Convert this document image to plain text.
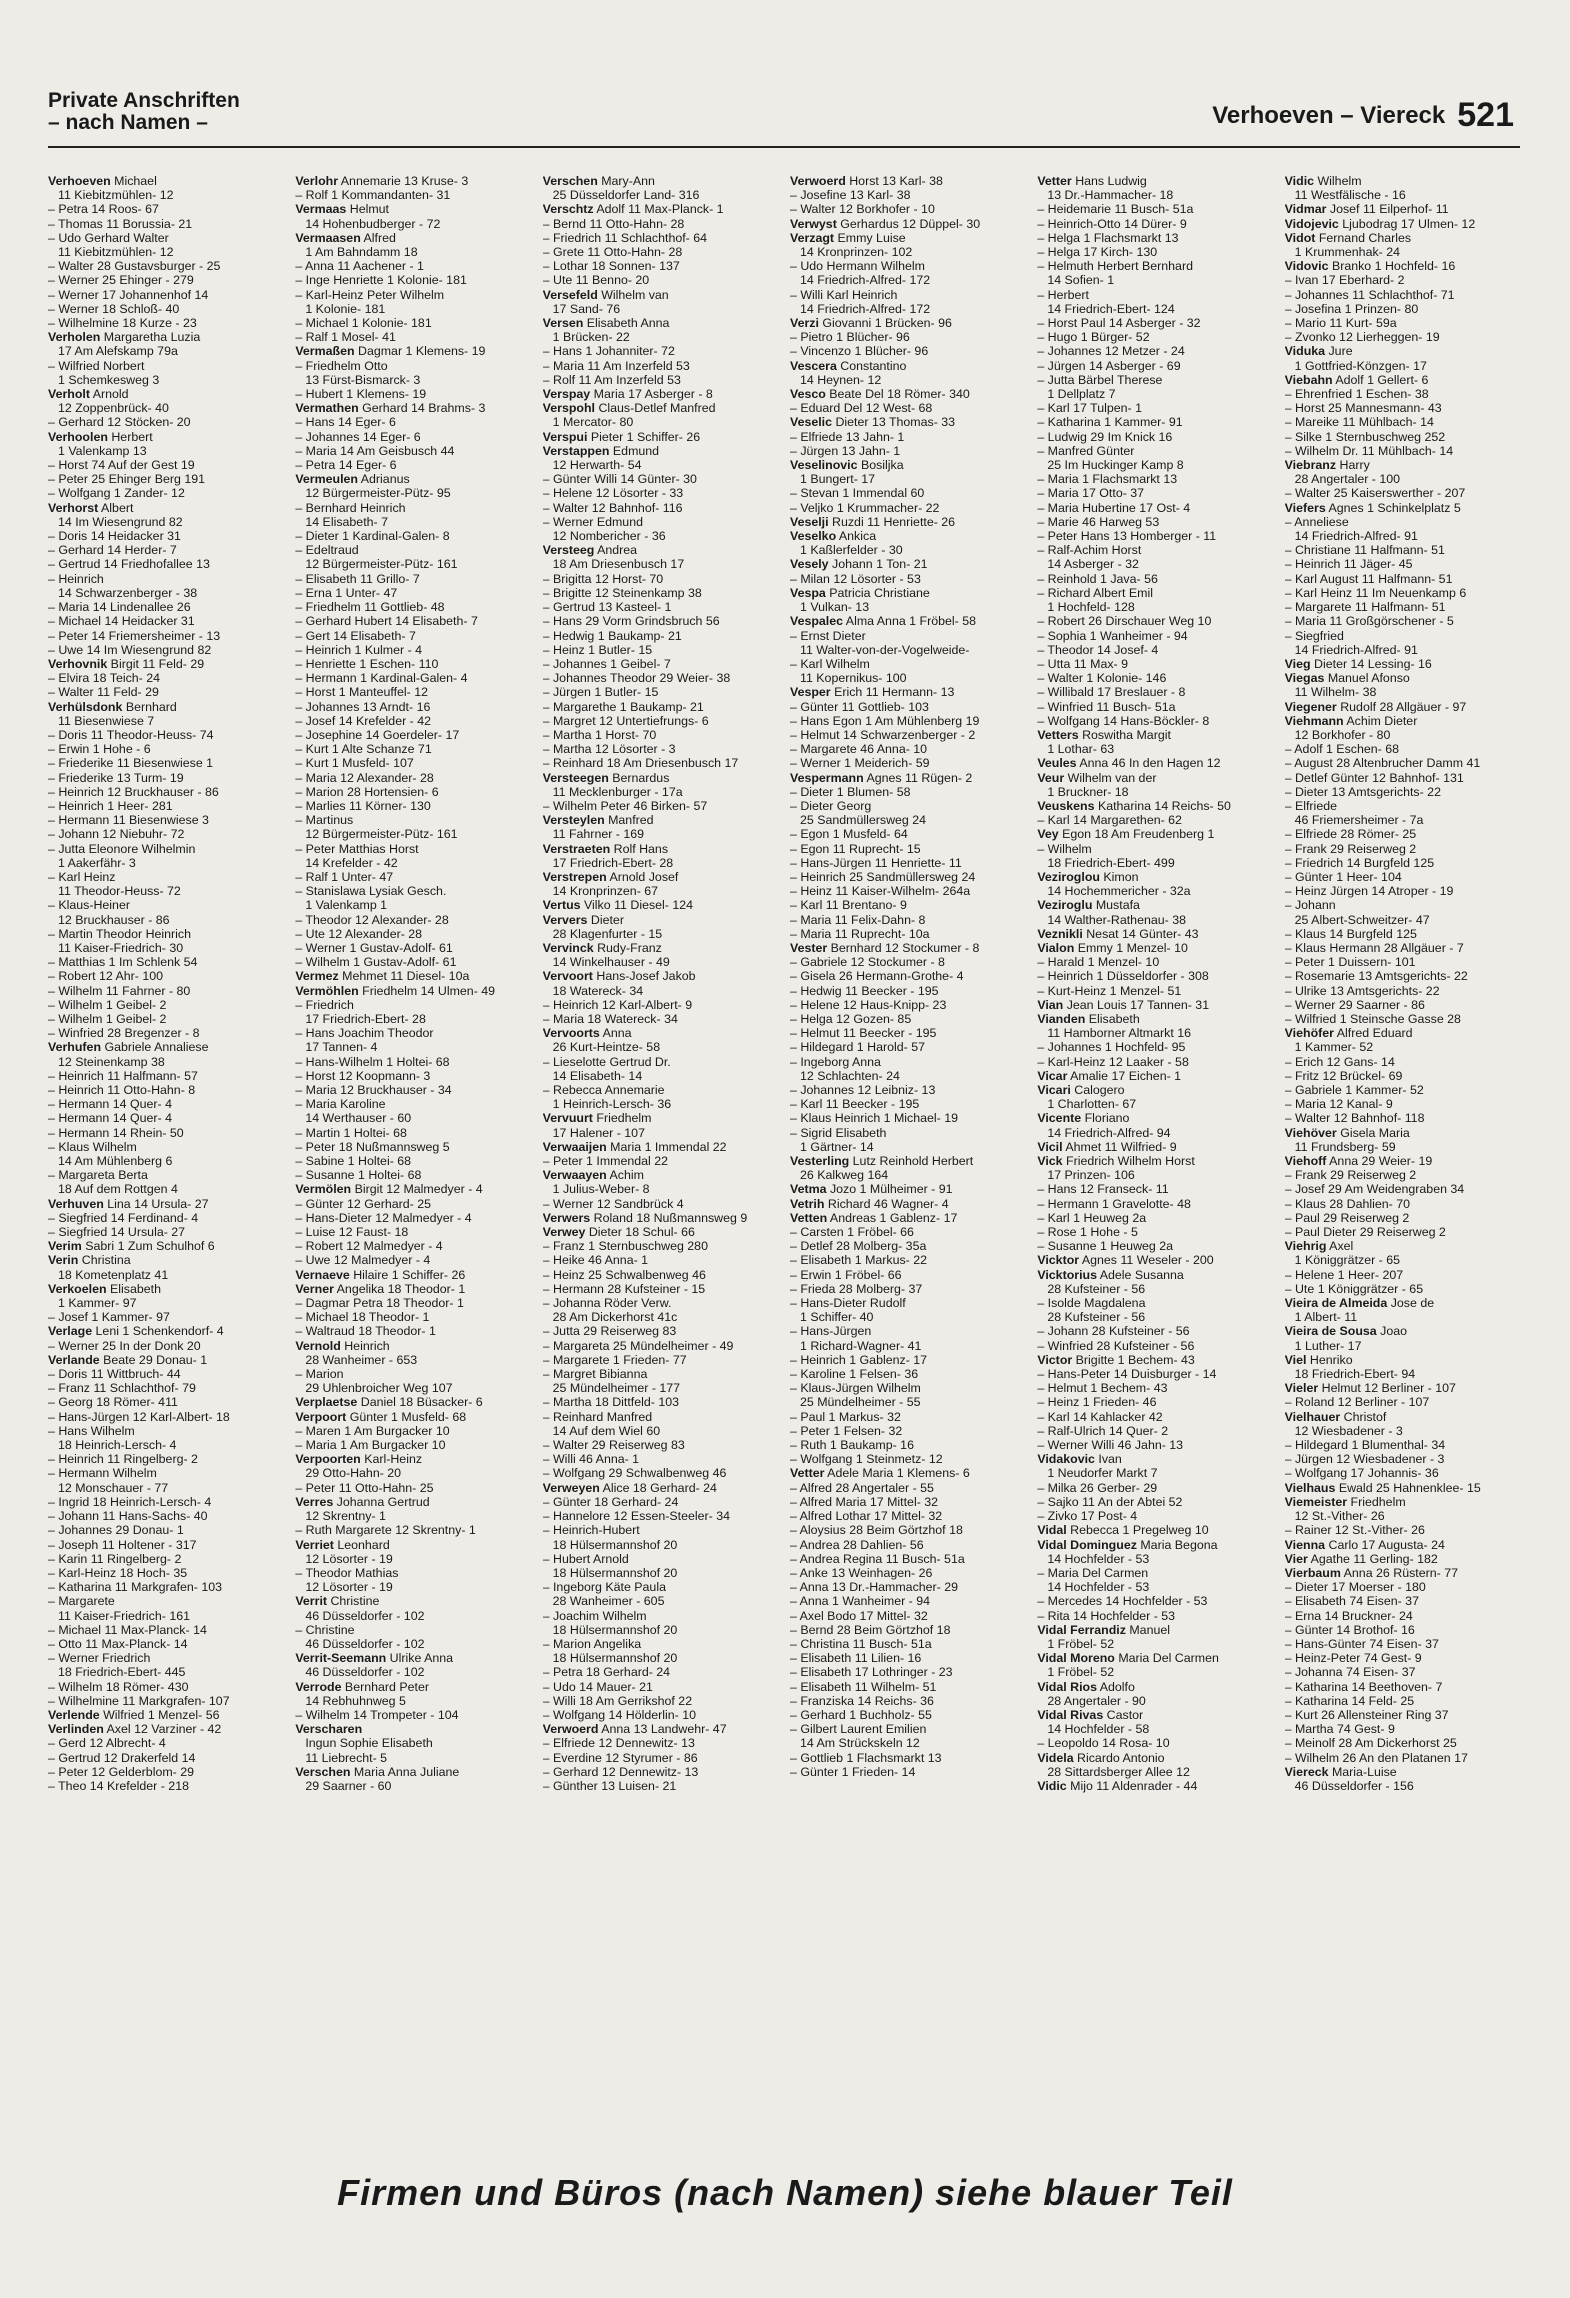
Private Anschriften
– nach Namen –	Verhoeven – Viereck 521
Verhoeven Michael
11 Kiebitzmühlen- 12
– Petra 14 Roos- 67
– Thomas 11 Borussia- 21
– Udo Gerhard Walter
11 Kiebitzmühlen- 12
– Walter 28 Gustavsburger - 25
– Werner 25 Ehinger - 279
– Werner 17 Johannenhof 14
– Werner 18 Schloß- 40
– Wilhelmine 18 Kurze - 23
Verholen Margaretha Luzia
17 Am Alefskamp 79a
– Wilfried Norbert
1 Schemkesweg 3
Verholt Arnold
12 Zoppenbrück- 40
– Gerhard 12 Stöcken- 20
Verhoolen Herbert
1 Valenkamp 13
– Horst 74 Auf der Gest 19
– Peter 25 Ehinger Berg 191
– Wolfgang 1 Zander- 12
Verhorst Albert
14 Im Wiesengrund 82
– Doris 14 Heidacker 31
– Gerhard 14 Herder- 7
– Gertrud 14 Friedhofallee 13
– Heinrich
14 Schwarzenberger - 38
– Maria 14 Lindenallee 26
– Michael 14 Heidacker 31
– Peter 14 Friemersheimer - 13
– Uwe 14 Im Wiesengrund 82
Verhovnik Birgit 11 Feld- 29
– Elvira 18 Teich- 24
– Walter 11 Feld- 29
Verhülsdonk Bernhard
11 Biesenwiese 7
– Doris 11 Theodor-Heuss- 74
– Erwin 1 Hohe - 6
– Friederike 11 Biesenwiese 1
– Friederike 13 Turm- 19
– Heinrich 12 Bruckhauser - 86
– Heinrich 1 Heer- 281
– Hermann 11 Biesenwiese 3
– Johann 12 Niebuhr- 72
– Jutta Eleonore Wilhelmin
1 Aakerfähr- 3
– Karl Heinz
11 Theodor-Heuss- 72
– Klaus-Heiner
12 Bruckhauser - 86
– Martin Theodor Heinrich
11 Kaiser-Friedrich- 30
– Matthias 1 Im Schlenk 54
– Robert 12 Ahr- 100
– Wilhelm 11 Fahrner - 80
– Wilhelm 1 Geibel- 2
– Wilhelm 1 Geibel- 2
– Winfried 28 Bregenzer - 8
Verhufen Gabriele Annaliese
12 Steinenkamp 38
– Heinrich 11 Halfmann- 57
– Heinrich 11 Otto-Hahn- 8
– Hermann 14 Quer- 4
– Hermann 14 Quer- 4
– Hermann 14 Rhein- 50
– Klaus Wilhelm
14 Am Mühlenberg 6
– Margareta Berta
18 Auf dem Rottgen 4
Verhuven Lina 14 Ursula- 27
– Siegfried 14 Ferdinand- 4
– Siegfried 14 Ursula- 27
Verim Sabri 1 Zum Schulhof 6
Verin Christina
18 Kometenplatz 41
Verkoelen Elisabeth
1 Kammer- 97
– Josef 1 Kammer- 97
Verlage Leni 1 Schenkendorf- 4
– Werner 25 In der Donk 20
Verlande Beate 29 Donau- 1
– Doris 11 Wittbruch- 44
– Franz 11 Schlachthof- 79
– Georg 18 Römer- 411
– Hans-Jürgen 12 Karl-Albert- 18
– Hans Wilhelm
18 Heinrich-Lersch- 4
– Heinrich 11 Ringelberg- 2
– Hermann Wilhelm
12 Monschauer - 77
– Ingrid 18 Heinrich-Lersch- 4
– Johann 11 Hans-Sachs- 40
– Johannes 29 Donau- 1
– Joseph 11 Holtener - 317
– Karin 11 Ringelberg- 2
– Karl-Heinz 18 Hoch- 35
– Katharina 11 Markgrafen- 103
– Margarete
11 Kaiser-Friedrich- 161
– Michael 11 Max-Planck- 14
– Otto 11 Max-Planck- 14
– Werner Friedrich
18 Friedrich-Ebert- 445
– Wilhelm 18 Römer- 430
– Wilhelmine 11 Markgrafen- 107
Verlende Wilfried 1 Menzel- 56
Verlinden Axel 12 Varziner - 42
– Gerd 12 Albrecht- 4
– Gertrud 12 Drakerfeld 14
– Peter 12 Gelderblom- 29
– Theo 14 Krefelder - 218
Verlohr Annemarie 13 Kruse- 3
– Rolf 1 Kommandanten- 31
Vermaas Helmut
14 Hohenbudberger - 72
Vermaasen Alfred
1 Am Bahndamm 18
– Anna 11 Aachener - 1
– Inge Henriette 1 Kolonie- 181
– Karl-Heinz Peter Wilhelm
1 Kolonie- 181
– Michael 1 Kolonie- 181
– Ralf 1 Mosel- 41
Vermaßen Dagmar 1 Klemens- 19
– Friedhelm Otto
13 Fürst-Bismarck- 3
– Hubert 1 Klemens- 19
Vermathen Gerhard 14 Brahms- 3
– Hans 14 Eger- 6
– Johannes 14 Eger- 6
– Maria 14 Am Geisbusch 44
– Petra 14 Eger- 6
Vermeulen Adrianus
12 Bürgermeister-Pütz- 95
– Bernhard Heinrich
14 Elisabeth- 7
– Dieter 1 Kardinal-Galen- 8
– Edeltraud
12 Bürgermeister-Pütz- 161
– Elisabeth 11 Grillo- 7
– Erna 1 Unter- 47
– Friedhelm 11 Gottlieb- 48
– Gerhard Hubert 14 Elisabeth- 7
– Gert 14 Elisabeth- 7
– Heinrich 1 Kulmer - 4
– Henriette 1 Eschen- 110
– Hermann 1 Kardinal-Galen- 4
– Horst 1 Manteuffel- 12
– Johannes 13 Arndt- 16
– Josef 14 Krefelder - 42
– Josephine 14 Goerdeler- 17
– Kurt 1 Alte Schanze 71
– Kurt 1 Musfeld- 107
– Maria 12 Alexander- 28
– Marion 28 Hortensien- 6
– Marlies 11 Körner- 130
– Martinus
12 Bürgermeister-Pütz- 161
– Peter Matthias Horst
14 Krefelder - 42
– Ralf 1 Unter- 47
– Stanislawa Lysiak Gesch.
1 Valenkamp 1
– Theodor 12 Alexander- 28
– Ute 12 Alexander- 28
– Werner 1 Gustav-Adolf- 61
– Wilhelm 1 Gustav-Adolf- 61
Vermez Mehmet 11 Diesel- 10a
Vermöhlen Friedhelm 14 Ulmen- 49
– Friedrich
17 Friedrich-Ebert- 28
– Hans Joachim Theodor
17 Tannen- 4
– Hans-Wilhelm 1 Holtei- 68
– Horst 12 Koopmann- 3
– Maria 12 Bruckhauser - 34
– Maria Karoline
14 Werthauser - 60
– Martin 1 Holtei- 68
– Peter 18 Nußmannsweg 5
– Sabine 1 Holtei- 68
– Susanne 1 Holtei- 68
Vermölen Birgit 12 Malmedyer - 4
– Günter 12 Gerhard- 25
– Hans-Dieter 12 Malmedyer - 4
– Luise 12 Faust- 18
– Robert 12 Malmedyer - 4
– Uwe 12 Malmedyer - 4
Vernaeve Hilaire 1 Schiffer- 26
Verner Angelika 18 Theodor- 1
– Dagmar Petra 18 Theodor- 1
– Michael 18 Theodor- 1
– Waltraud 18 Theodor- 1
Vernold Heinrich
28 Wanheimer - 653
– Marion
29 Uhlenbroicher Weg 107
Verplaetse Daniel 18 Büsacker- 6
Verpoort Günter 1 Musfeld- 68
– Maren 1 Am Burgacker 10
– Maria 1 Am Burgacker 10
Verpoorten Karl-Heinz
29 Otto-Hahn- 20
– Peter 11 Otto-Hahn- 25
Verres Johanna Gertrud
12 Skrentny- 1
– Ruth Margarete 12 Skrentny- 1
Verriet Leonhard
12 Lösorter - 19
– Theodor Mathias
12 Lösorter - 19
Verrit Christine
46 Düsseldorfer - 102
– Christine
46 Düsseldorfer - 102
Verrit-Seemann Ulrike Anna
46 Düsseldorfer - 102
Verrode Bernhard Peter
14 Rebhuhnweg 5
– Wilhelm 14 Trompeter - 104
Verscharen
Ingun Sophie Elisabeth
11 Liebrecht- 5
Verschen Maria Anna Juliane
29 Saarner - 60
Verschen Mary-Ann
25 Düsseldorfer Land- 316
Verschtz Adolf 11 Max-Planck- 1
– Bernd 11 Otto-Hahn- 28
– Friedrich 11 Schlachthof- 64
– Grete 11 Otto-Hahn- 28
– Lothar 18 Sonnen- 137
– Ute 11 Benno- 20
Versefeld Wilhelm van
17 Sand- 76
Versen Elisabeth Anna
1 Brücken- 22
– Hans 1 Johanniter- 72
– Maria 11 Am Inzerfeld 53
– Rolf 11 Am Inzerfeld 53
Verspay Maria 17 Asberger - 8
Verspohl Claus-Detlef Manfred
1 Mercator- 80
Verspui Pieter 1 Schiffer- 26
Verstappen Edmund
12 Herwarth- 54
– Günter Willi 14 Günter- 30
– Helene 12 Lösorter - 33
– Walter 12 Bahnhof- 116
– Werner Edmund
12 Nombericher - 36
Versteeg Andrea
18 Am Driesenbusch 17
– Brigitta 12 Horst- 70
– Brigitte 12 Steinenkamp 38
– Gertrud 13 Kasteel- 1
– Hans 29 Vorm Grindsbruch 56
– Hedwig 1 Baukamp- 21
– Heinz 1 Butler- 15
– Johannes 1 Geibel- 7
– Johannes Theodor 29 Weier- 38
– Jürgen 1 Butler- 15
– Margarethe 1 Baukamp- 21
– Margret 12 Untertiefrungs- 6
– Martha 1 Horst- 70
– Martha 12 Lösorter - 3
– Reinhard 18 Am Driesenbusch 17
Versteegen Bernardus
11 Mecklenburger - 17a
– Wilhelm Peter 46 Birken- 57
Versteylen Manfred
11 Fahrner - 169
Verstraeten Rolf Hans
17 Friedrich-Ebert- 28
Verstrepen Arnold Josef
14 Kronprinzen- 67
Vertus Vilko 11 Diesel- 124
Ververs Dieter
28 Klagenfurter - 15
Vervinck Rudy-Franz
14 Winkelhauser - 49
Vervoort Hans-Josef Jakob
18 Watereck- 34
– Heinrich 12 Karl-Albert- 9
– Maria 18 Watereck- 34
Vervoorts Anna
26 Kurt-Heintze- 58
– Lieselotte Gertrud Dr.
14 Elisabeth- 14
– Rebecca Annemarie
1 Heinrich-Lersch- 36
Vervuurt Friedhelm
17 Halener - 107
Verwaaijen Maria 1 Immendal 22
– Peter 1 Immendal 22
Verwaayen Achim
1 Julius-Weber- 8
– Werner 12 Sandbrück 4
Verwers Roland 18 Nußmannsweg 9
Verwey Dieter 18 Schul- 66
– Franz 1 Sternbuschweg 280
– Heike 46 Anna- 1
– Heinz 25 Schwalbenweg 46
– Hermann 28 Kufsteiner - 15
– Johanna Röder Verw.
28 Am Dickerhorst 41c
– Jutta 29 Reiserweg 83
– Margareta 25 Mündelheimer - 49
– Margarete 1 Frieden- 77
– Margret Bibianna
25 Mündelheimer - 177
– Martha 18 Dittfeld- 103
– Reinhard Manfred
14 Auf dem Wiel 60
– Walter 29 Reiserweg 83
– Willi 46 Anna- 1
– Wolfgang 29 Schwalbenweg 46
Verweyen Alice 18 Gerhard- 24
– Günter 18 Gerhard- 24
– Hannelore 12 Essen-Steeler- 34
– Heinrich-Hubert
18 Hülsermannshof 20
– Hubert Arnold
18 Hülsermannshof 20
– Ingeborg Käte Paula
28 Wanheimer - 605
– Joachim Wilhelm
18 Hülsermannshof 20
– Marion Angelika
18 Hülsermannshof 20
– Petra 18 Gerhard- 24
– Udo 14 Mauer- 21
– Willi 18 Am Gerrikshof 22
– Wolfgang 14 Hölderlin- 10
Verwoerd Anna 13 Landwehr- 47
– Elfriede 12 Dennewitz- 13
– Everdine 12 Styrumer - 86
– Gerhard 12 Dennewitz- 13
– Günther 13 Luisen- 21
Verwoerd Horst 13 Karl- 38
– Josefine 13 Karl- 38
– Walter 12 Borkhofer - 10
Verwyst Gerhardus 12 Düppel- 30
Verzagt Emmy Luise
14 Kronprinzen- 102
– Udo Hermann Wilhelm
14 Friedrich-Alfred- 172
– Willi Karl Heinrich
14 Friedrich-Alfred- 172
Verzi Giovanni 1 Brücken- 96
– Pietro 1 Blücher- 96
– Vincenzo 1 Blücher- 96
Vescera Constantino
14 Heynen- 12
Vesco Beate Del 18 Römer- 340
– Eduard Del 12 West- 68
Veselic Dieter 13 Thomas- 33
– Elfriede 13 Jahn- 1
– Jürgen 13 Jahn- 1
Veselinovic Bosiljka
1 Bungert- 17
– Stevan 1 Immendal 60
– Veljko 1 Krummacher- 22
Veselji Ruzdi 11 Henriette- 26
Veselko Ankica
1 Kaßlerfelder - 30
Vesely Johann 1 Ton- 21
– Milan 12 Lösorter - 53
Vespa Patricia Christiane
1 Vulkan- 13
Vespalec Alma Anna 1 Fröbel- 58
– Ernst Dieter
11 Walter-von-der-Vogelweide-
– Karl Wilhelm
11 Kopernikus- 100
Vesper Erich 11 Hermann- 13
– Günter 11 Gottlieb- 103
– Hans Egon 1 Am Mühlenberg 19
– Helmut 14 Schwarzenberger - 2
– Margarete 46 Anna- 10
– Werner 1 Meiderich- 59
Vespermann Agnes 11 Rügen- 2
– Dieter 1 Blumen- 58
– Dieter Georg
25 Sandmüllersweg 24
– Egon 1 Musfeld- 64
– Egon 11 Ruprecht- 15
– Hans-Jürgen 11 Henriette- 11
– Heinrich 25 Sandmüllersweg 24
– Heinz 11 Kaiser-Wilhelm- 264a
– Karl 11 Brentano- 9
– Maria 11 Felix-Dahn- 8
– Maria 11 Ruprecht- 10a
Vester Bernhard 12 Stockumer - 8
– Gabriele 12 Stockumer - 8
– Gisela 26 Hermann-Grothe- 4
– Hedwig 11 Beecker - 195
– Helene 12 Haus-Knipp- 23
– Helga 12 Gozen- 85
– Helmut 11 Beecker - 195
– Hildegard 1 Harold- 57
– Ingeborg Anna
12 Schlachten- 24
– Johannes 12 Leibniz- 13
– Karl 11 Beecker - 195
– Klaus Heinrich 1 Michael- 19
– Sigrid Elisabeth
1 Gärtner- 14
Vesterling Lutz Reinhold Herbert
26 Kalkweg 164
Vetma Jozo 1 Mülheimer - 91
Vetrih Richard 46 Wagner- 4
Vetten Andreas 1 Gablenz- 17
– Carsten 1 Fröbel- 66
– Detlef 28 Molberg- 35a
– Elisabeth 1 Markus- 22
– Erwin 1 Fröbel- 66
– Frieda 28 Molberg- 37
– Hans-Dieter Rudolf
1 Schiffer- 40
– Hans-Jürgen
1 Richard-Wagner- 41
– Heinrich 1 Gablenz- 17
– Karoline 1 Felsen- 36
– Klaus-Jürgen Wilhelm
25 Mündelheimer - 55
– Paul 1 Markus- 32
– Peter 1 Felsen- 32
– Ruth 1 Baukamp- 16
– Wolfgang 1 Steinmetz- 12
Vetter Adele Maria 1 Klemens- 6
– Alfred 28 Angertaler - 55
– Alfred Maria 17 Mittel- 32
– Alfred Lothar 17 Mittel- 32
– Aloysius 28 Beim Görtzhof 18
– Andrea 28 Dahlien- 56
– Andrea Regina 11 Busch- 51a
– Anke 13 Weinhagen- 26
– Anna 13 Dr.-Hammacher- 29
– Anna 1 Wanheimer - 94
– Axel Bodo 17 Mittel- 32
– Bernd 28 Beim Görtzhof 18
– Christina 11 Busch- 51a
– Elisabeth 11 Lilien- 16
– Elisabeth 17 Lothringer - 23
– Elisabeth 11 Wilhelm- 51
– Franziska 14 Reichs- 36
– Gerhard 1 Buchholz- 55
– Gilbert Laurent Emilien
14 Am Strückskeln 12
– Gottlieb 1 Flachsmarkt 13
– Günter 1 Frieden- 14
Vetter Hans Ludwig
13 Dr.-Hammacher- 18
– Heidemarie 11 Busch- 51a
– Heinrich-Otto 14 Dürer- 9
– Helga 1 Flachsmarkt 13
– Helga 17 Kirch- 130
– Helmuth Herbert Bernhard
14 Sofien- 1
– Herbert
14 Friedrich-Ebert- 124
– Horst Paul 14 Asberger - 32
– Hugo 1 Bürger- 52
– Johannes 12 Metzer - 24
– Jürgen 14 Asberger - 69
– Jutta Bärbel Therese
1 Dellplatz 7
– Karl 17 Tulpen- 1
– Katharina 1 Kammer- 91
– Ludwig 29 Im Knick 16
– Manfred Günter
25 Im Huckinger Kamp 8
– Maria 1 Flachsmarkt 13
– Maria 17 Otto- 37
– Maria Hubertine 17 Ost- 4
– Marie 46 Harweg 53
– Peter Hans 13 Homberger - 11
– Ralf-Achim Horst
14 Asberger - 32
– Reinhold 1 Java- 56
– Richard Albert Emil
1 Hochfeld- 128
– Robert 26 Dirschauer Weg 10
– Sophia 1 Wanheimer - 94
– Theodor 14 Josef- 4
– Utta 11 Max- 9
– Walter 1 Kolonie- 146
– Willibald 17 Breslauer - 8
– Winfried 11 Busch- 51a
– Wolfgang 14 Hans-Böckler- 8
Vetters Roswitha Margit
1 Lothar- 63
Veules Anna 46 In den Hagen 12
Veur Wilhelm van der
1 Bruckner- 18
Veuskens Katharina 14 Reichs- 50
– Karl 14 Margarethen- 62
Vey Egon 18 Am Freudenberg 1
– Wilhelm
18 Friedrich-Ebert- 499
Veziroglou Kimon
14 Hochemmericher - 32a
Veziroglu Mustafa
14 Walther-Rathenau- 38
Veznikli Nesat 14 Günter- 43
Vialon Emmy 1 Menzel- 10
– Harald 1 Menzel- 10
– Heinrich 1 Düsseldorfer - 308
– Kurt-Heinz 1 Menzel- 51
Vian Jean Louis 17 Tannen- 31
Vianden Elisabeth
11 Hamborner Altmarkt 16
– Johannes 1 Hochfeld- 95
– Karl-Heinz 12 Laaker - 58
Vicar Amalie 17 Eichen- 1
Vicari Calogero
1 Charlotten- 67
Vicente Floriano
14 Friedrich-Alfred- 94
Vicil Ahmet 11 Wilfried- 9
Vick Friedrich Wilhelm Horst
17 Prinzen- 106
– Hans 12 Franseck- 11
– Hermann 1 Gravelotte- 48
– Karl 1 Heuweg 2a
– Rose 1 Hohe - 5
– Susanne 1 Heuweg 2a
Vicktor Agnes 11 Weseler - 200
Vicktorius Adele Susanna
28 Kufsteiner - 56
– Isolde Magdalena
28 Kufsteiner - 56
– Johann 28 Kufsteiner - 56
– Winfried 28 Kufsteiner - 56
Victor Brigitte 1 Bechem- 43
– Hans-Peter 14 Duisburger - 14
– Helmut 1 Bechem- 43
– Heinz 1 Frieden- 46
– Karl 14 Kahlacker 42
– Ralf-Ulrich 14 Quer- 2
– Werner Willi 46 Jahn- 13
Vidakovic Ivan
1 Neudorfer Markt 7
– Milka 26 Gerber- 29
– Sajko 11 An der Abtei 52
– Zivko 17 Post- 4
Vidal Rebecca 1 Pregelweg 10
Vidal Dominguez Maria Begona
14 Hochfelder - 53
– Maria Del Carmen
14 Hochfelder - 53
– Mercedes 14 Hochfelder - 53
– Rita 14 Hochfelder - 53
Vidal Ferrandiz Manuel
1 Fröbel- 52
Vidal Moreno Maria Del Carmen
1 Fröbel- 52
Vidal Rios Adolfo
28 Angertaler - 90
Vidal Rivas Castor
14 Hochfelder - 58
– Leopoldo 14 Rosa- 10
Videla Ricardo Antonio
28 Sittardsberger Allee 12
Vidic Mijo 11 Aldenrader - 44
Vidic Wilhelm
11 Westfälische - 16
Vidmar Josef 11 Eilperhof- 11
Vidojevic Ljubodrag 17 Ulmen- 12
Vidot Fernand Charles
1 Krummenhak- 24
Vidovic Branko 1 Hochfeld- 16
– Ivan 17 Eberhard- 2
– Johannes 11 Schlachthof- 71
– Josefina 1 Prinzen- 80
– Mario 11 Kurt- 59a
– Zvonko 12 Lierheggen- 19
Viduka Jure
1 Gottfried-Könzgen- 17
Viebahn Adolf 1 Gellert- 6
– Ehrenfried 1 Eschen- 38
– Horst 25 Mannesmann- 43
– Mareike 11 Mühlbach- 14
– Silke 1 Sternbuschweg 252
– Wilhelm Dr. 11 Mühlbach- 14
Viebranz Harry
28 Angertaler - 100
– Walter 25 Kaiserswerther - 207
Viefers Agnes 1 Schinkelplatz 5
– Anneliese
14 Friedrich-Alfred- 91
– Christiane 11 Halfmann- 51
– Heinrich 11 Jäger- 45
– Karl August 11 Halfmann- 51
– Karl Heinz 11 Im Neuenkamp 6
– Margarete 11 Halfmann- 51
– Maria 11 Großgörschener - 5
– Siegfried
14 Friedrich-Alfred- 91
Vieg Dieter 14 Lessing- 16
Viegas Manuel Afonso
11 Wilhelm- 38
Viegener Rudolf 28 Allgäuer - 97
Viehmann Achim Dieter
12 Borkhofer - 80
– Adolf 1 Eschen- 68
– August 28 Altenbrucher Damm 41
– Detlef Günter 12 Bahnhof- 131
– Dieter 13 Amtsgerichts- 22
– Elfriede
46 Friemersheimer - 7a
– Elfriede 28 Römer- 25
– Frank 29 Reiserweg 2
– Friedrich 14 Burgfeld 125
– Günter 1 Heer- 104
– Heinz Jürgen 14 Atroper - 19
– Johann
25 Albert-Schweitzer- 47
– Klaus 14 Burgfeld 125
– Klaus Hermann 28 Allgäuer - 7
– Peter 1 Duissern- 101
– Rosemarie 13 Amtsgerichts- 22
– Ulrike 13 Amtsgerichts- 22
– Werner 29 Saarner - 86
– Wilfried 1 Steinsche Gasse 28
Viehöfer Alfred Eduard
1 Kammer- 52
– Erich 12 Gans- 14
– Fritz 12 Brückel- 69
– Gabriele 1 Kammer- 52
– Maria 12 Kanal- 9
– Walter 12 Bahnhof- 118
Viehöver Gisela Maria
11 Frundsberg- 59
Viehoff Anna 29 Weier- 19
– Frank 29 Reiserweg 2
– Josef 29 Am Weidengraben 34
– Klaus 28 Dahlien- 70
– Paul 29 Reiserweg 2
– Paul Dieter 29 Reiserweg 2
Viehrig Axel
1 Königgrätzer - 65
– Helene 1 Heer- 207
– Ute 1 Königgrätzer - 65
Vieira de Almeida Jose de
1 Albert- 11
Vieira de Sousa Joao
1 Luther- 17
Viel Henriko
18 Friedrich-Ebert- 94
Vieler Helmut 12 Berliner - 107
– Roland 12 Berliner - 107
Vielhauer Christof
12 Wiesbadener - 3
– Hildegard 1 Blumenthal- 34
– Jürgen 12 Wiesbadener - 3
– Wolfgang 17 Johannis- 36
Vielhaus Ewald 25 Hahnenklee- 15
Viemeister Friedhelm
12 St.-Vither- 26
– Rainer 12 St.-Vither- 26
Vienna Carlo 17 Augusta- 24
Vier Agathe 11 Gerling- 182
Vierbaum Anna 26 Rüstern- 77
– Dieter 17 Moerser - 180
– Elisabeth 74 Eisen- 37
– Erna 14 Bruckner- 24
– Günter 14 Brothof- 16
– Hans-Günter 74 Eisen- 37
– Heinz-Peter 74 Gest- 9
– Johanna 74 Eisen- 37
– Katharina 14 Beethoven- 7
– Katharina 14 Feld- 25
– Kurt 26 Allensteiner Ring 37
– Martha 74 Gest- 9
– Meinolf 28 Am Dickerhorst 25
– Wilhelm 26 An den Platanen 17
Viereck Maria-Luise
46 Düsseldorfer - 156
Firmen und Büros (nach Namen) siehe blauer Teil
